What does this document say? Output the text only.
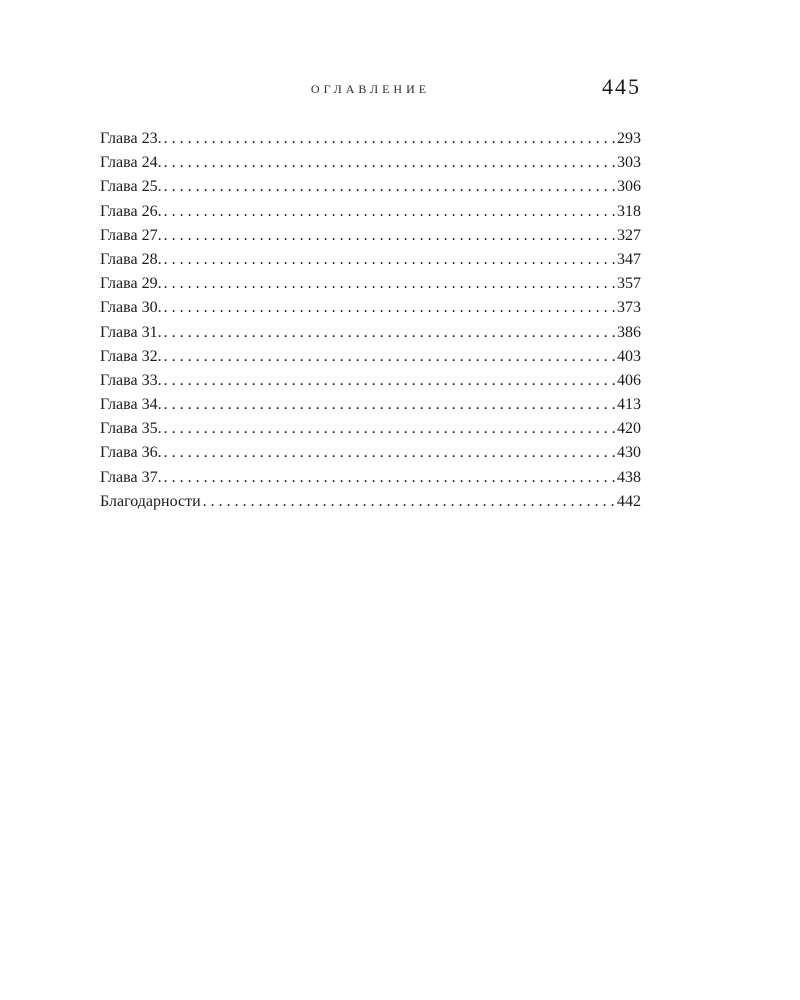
ОГЛАВЛЕНИЕ	445
Глава 23. . . .	293
Глава 24. . . .	303
Глава 25. . . .	306
Глава 26. . . .	318
Глава 27. . . .	327
Глава 28. . . .	347
Глава 29. . . .	357
Глава 30. . . .	373
Глава 31. . . .	386
Глава 32. . . .	403
Глава 33. . . .	406
Глава 34. . . .	413
Глава 35. . . .	420
Глава 36. . . .	430
Глава 37. . . .	438
Благодарности . . .	442
